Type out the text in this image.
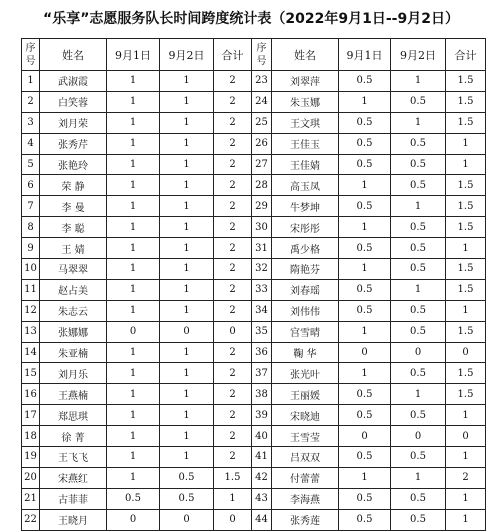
“乐享”志愿服务队长时间跨度统计表（2022年9月1日--9月2日）
序号	姓名	9月1日	9月2日	合计	序号	姓名	9月1日	9月2日	合计
1	武淑霞	1	1	2	23	刘翠萍	0.5	1	1.5
2	白笑蓉	1	1	2	24	朱玉娜	1	0.5	1.5
3	刘月荣	1	1	2	25	王文琪	0.5	1	1.5
4	张秀芹	1	1	2	26	王佳玉	0.5	0.5	1
5	张艳玲	1	1	2	27	王佳婧	0.5	0.5	1
6	荣 静	1	1	2	28	高玉凤	1	0.5	1.5
7	李 曼	1	1	2	29	牛梦坤	0.5	1	1.5
8	李 聪	1	1	2	30	宋彤彤	1	0.5	1.5
9	王 婧	1	1	2	31	禹少格	0.5	0.5	1
10	马翠翠	1	1	2	32	隋艳芬	1	0.5	1.5
11	赵占美	1	1	2	33	刘春瑶	0.5	1	1.5
12	朱志云	1	1	2	34	刘伟伟	0.5	0.5	1
13	张娜娜	0	0	0	35	宫雪晴	1	0.5	1.5
14	朱亚楠	1	1	2	36	鞠 华	0	0	0
15	刘月乐	1	1	2	37	张光叶	1	0.5	1.5
16	王燕楠	1	1	2	38	王丽媛	0.5	1	1.5
17	郑思琪	1	1	2	39	宋晓迪	0.5	0.5	1
18	徐 菁	1	1	2	40	王雪莹	0	0	0
19	王飞飞	1	1	2	41	吕双双	0.5	0.5	1
20	宋燕红	1	0.5	1.5	42	付蕾蕾	1	1	2
21	古菲菲	0.5	0.5	1	43	李海燕	0.5	0.5	1
22	王晓月	0	0	0	44	张秀莲	0.5	0.5	1
